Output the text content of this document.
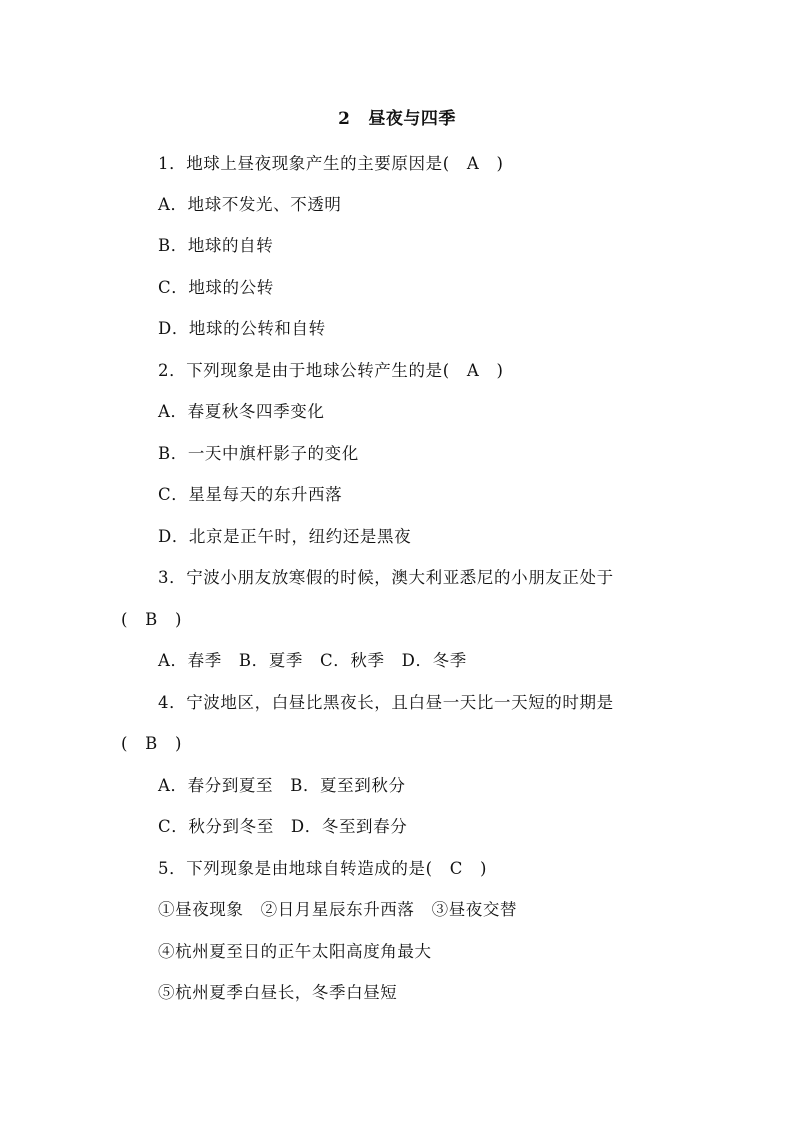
2 昼夜与四季
1．地球上昼夜现象产生的主要原因是(　A　)
A．地球不发光、不透明
B．地球的自转
C．地球的公转
D．地球的公转和自转
2．下列现象是由于地球公转产生的是(　A　)
A．春夏秋冬四季变化
B．一天中旗杆影子的变化
C．星星每天的东升西落
D．北京是正午时，纽约还是黑夜
3．宁波小朋友放寒假的时候，澳大利亚悉尼的小朋友正处于
(　B　)
A．春季　B．夏季　C．秋季　D．冬季
4．宁波地区，白昼比黑夜长，且白昼一天比一天短的时期是
(　B　)
A．春分到夏至　B．夏至到秋分
C．秋分到冬至　D．冬至到春分
5．下列现象是由地球自转造成的是(　C　)
①昼夜现象　②日月星辰东升西落　③昼夜交替
④杭州夏至日的正午太阳高度角最大
⑤杭州夏季白昼长，冬季白昼短
